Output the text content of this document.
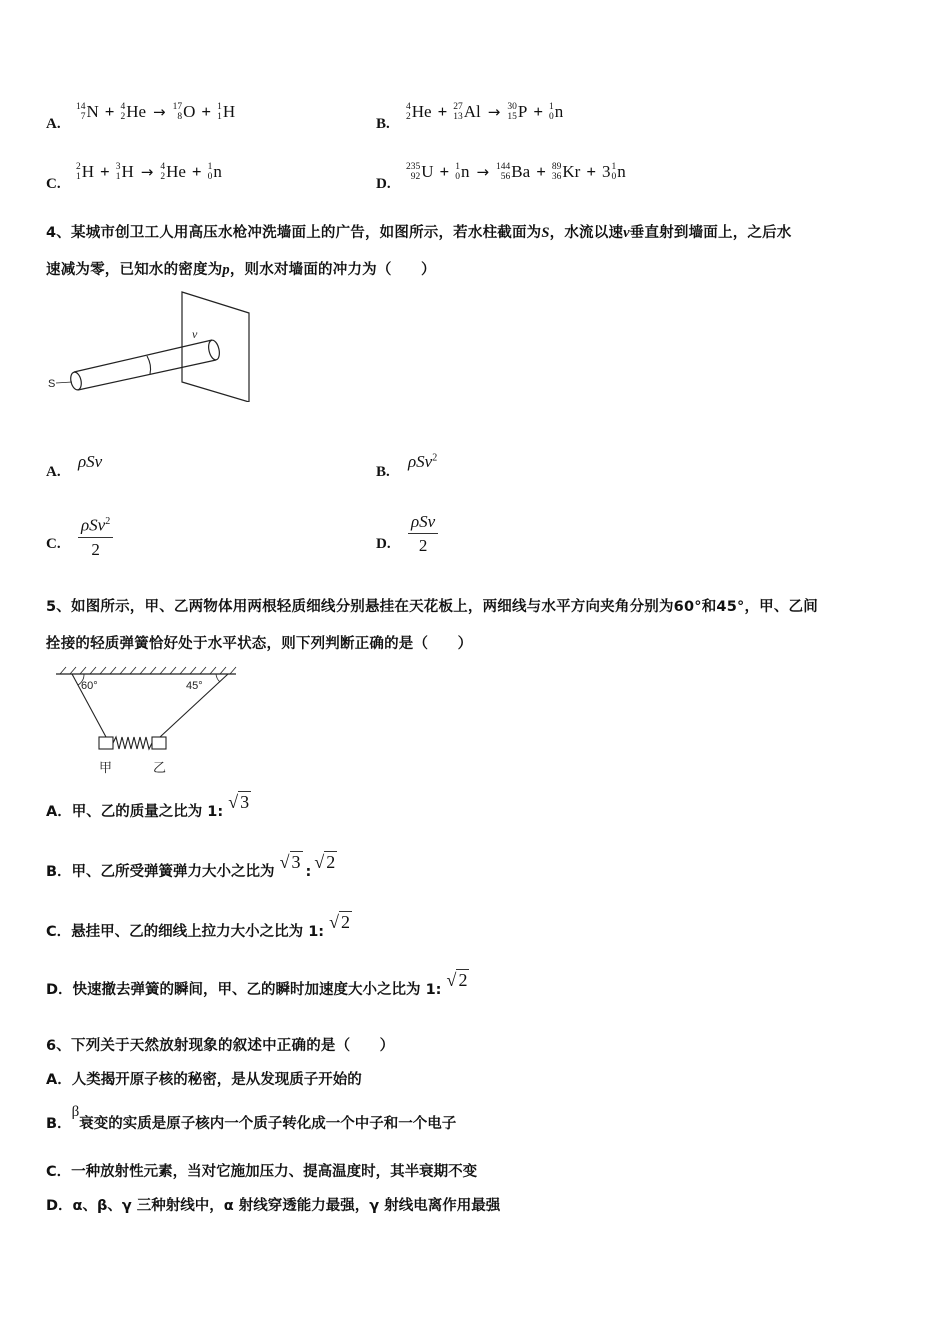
A.
14
7 N + 4
2 He → 17
8 O + 1
1 H
B.
4
2 He + 27
13 Al → 30
15 P + 1
0 n
C.
2
1 H + 3
1 H → 4
2 He + 1
0 n
D.
235
92 U + 1
0 n → 144
56 Ba + 89
36 Kr + 3 1
0 n
4、某城市创卫工人用高压水枪冲洗墙面上的广告，如图所示，若水柱截面为S，水流以速v垂直射到墙面上，之后水
速减为零，已知水的密度为p，则水对墙面的冲力为（　　）
S
v
A.
ρSv
B.
ρSv$^2$
C. $\frac{\rho Sv^2}{2}$	D. $\frac{\text{ρSv}}{2}$
5、如图所示，甲、乙两物体用两根轻质细线分别悬挂在天花板上，两细线与水平方向夹角分别为60°和45°，甲、乙间
拴接的轻质弹簧恰好处于水平状态，则下列判断正确的是（　　）
60°	45°
甲	乙
A．甲、乙的质量之比为 1: √ 3
B．甲、乙所受弹簧弹力大小之比为 √ 3 : √ 2
C．悬挂甲、乙的细线上拉力大小之比为 1: √ 2
D．快速撤去弹簧的瞬间，甲、乙的瞬时加速度大小之比为 1: √ 2
6、下列关于天然放射现象的叙述中正确的是（　　）
A．人类揭开原子核的秘密，是从发现质子开始的
B．β衰变的实质是原子核内一个质子转化成一个中子和一个电子
C．一种放射性元素，当对它施加压力、提高温度时，其半衰期不变
D．α、β、γ 三种射线中，α 射线穿透能力最强，γ 射线电离作用最强
